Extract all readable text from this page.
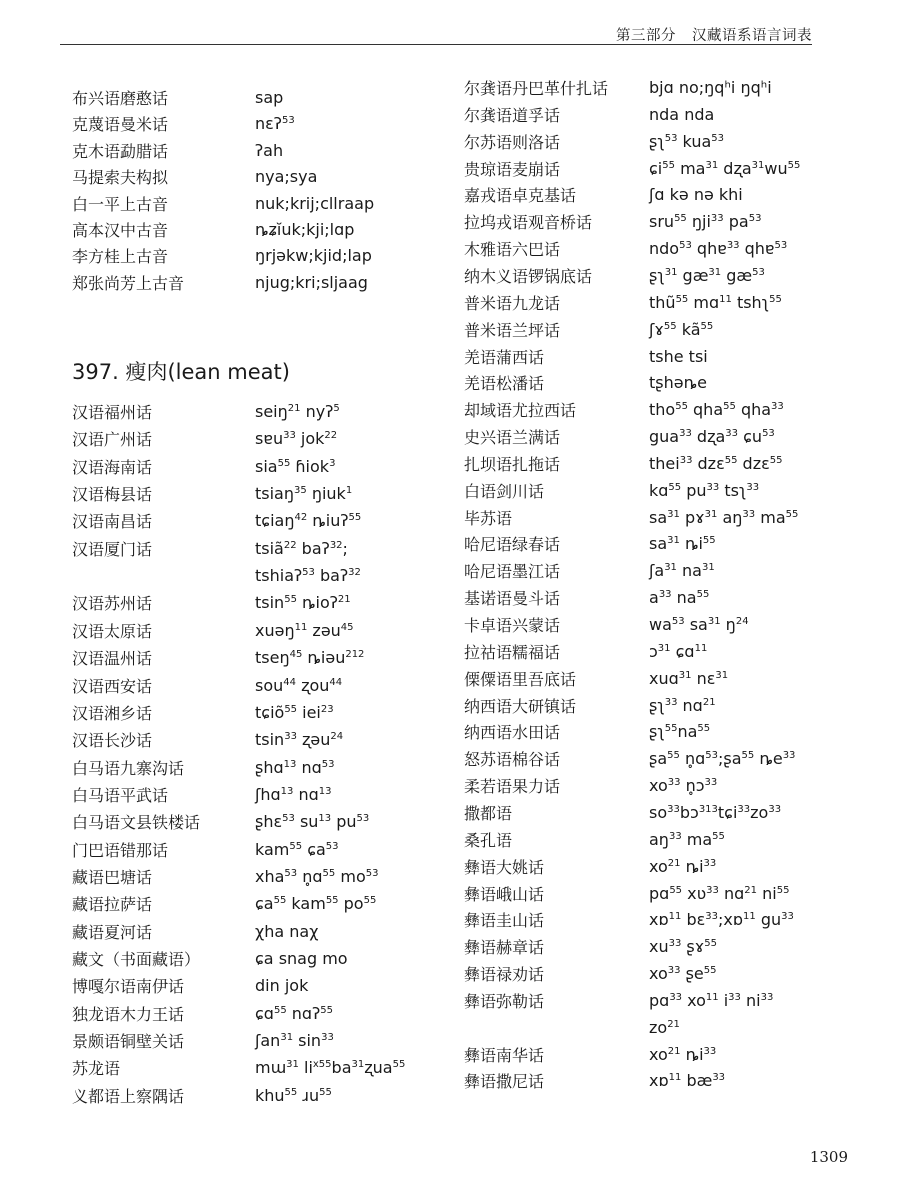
第三部分 汉藏语系语言词表
布兴语磨憨话	sap
克蔑语曼米话	nεʔ$^{53}$
克木语勐腊话	ʔah
马提索夫构拟	nya;sya
白一平上古音	nuk;krij;cllraap
高本汉中古音	ȵʑĭuk;kji;lɑp
李方桂上古音	ŋrjəkw;kjid;lap
郑张尚芳上古音	njug;kri;sljaag
汉语福州话	seiŋ$^{21}$ nyʔ$^5$
汉语广州话	sɐu$^{33}$ jok$^{22}$
汉语海南话	sia$^{55}$ ɦiok$^3$
汉语梅县话	tsiaŋ$^{35}$ ŋiuk$^1$
汉语南昌话	tɕiaŋ$^{42}$ ȵiuʔ$^{55}$
汉语厦门话	tsiã$^{22}$ baʔ$^{32}$;
tshiaʔ$^{53}$ baʔ$^{32}$
汉语苏州话	tsin$^{55}$ ȵioʔ$^{21}$
汉语太原话	xuəŋ$^{11}$ zəu$^{45}$
汉语温州话	tseŋ$^{45}$ ȵiəu$^{212}$
汉语西安话	sou$^{44}$ ʐou$^{44}$
汉语湘乡话	tɕiõ$^{55}$ iei$^{23}$
汉语长沙话	tsin$^{33}$ ʐəu$^{24}$
白马语九寨沟话	ʂhɑ$^{13}$ nɑ$^{53}$
白马语平武话	ʃhɑ$^{13}$ nɑ$^{13}$
白马语文县铁楼话	ʂhε$^{53}$ $su^{13}$ $pu^{53}$
门巴语错那话	kam$^{55}$ ɕa$^{53}$
藏语巴塘话	xha$^{53}$ n̥ɑ$^{55}$ $mo^{53}$
藏语拉萨话	ɕa$^{55}$ kam$^{55}$ $po^{55}$
藏语夏河话	χha naχ
藏文（书面藏语）	ɕa snag mo
博嘎尔语南伊话	din jok
独龙语木力王话	ɕɑ$^{55}$ nɑʔ$^{55}$
景颇语铜壁关话	ʃan$^{31}$ $\sin^{33}$
苏龙语	mɯ$^{31}$ $li^{x55}ba^{31}ʐua^{55}$
义都语上察隅话	khu$^{55}$ ɹu$^{55}$
尔龚语丹巴革什扎话	bjɑ no;ŋqʰi ŋqʰi
尔龚语道孚话	nda nda
尔苏语则洛话	ʂʅ$^{53}$ kua$^{53}$
贵琼语麦崩话	ɕi$^{55}$ $ma^{31}$ $dʐa^{31}wu^{55}$
嘉戎语卓克基话	ʃɑ kə nə khi
拉坞戎语观音桥话	sru$^{55}$ ŋji$^{33}$ $pa^{53}$
木雅语六巴话	ndo$^{53}$ qhɐ$^{33}$ qhɐ$^{53}$
纳木义语锣锅底话	ʂʅ$^{31}$ $gæ^{31}$ $gæ^{53}$
普米语九龙话	thũ$^{55}$ mɑ$^{11}$ tshʅ$^{55}$
普米语兰坪话	ʃɤ$^{55}$ $kã^{55}$
羌语蒲西话	tshe tsi
羌语松潘话	tʂhəȵe
却域语尤拉西话	tho$^{55}$ qha$^{55}$ qha$^{33}$
史兴语兰满话	gua$^{33}$ dʐa$^{33}$ ɕu$^{53}$
扎坝语扎拖话	thei$^{33}$ dzε$^{55}$ dzε$^{55}$
白语剑川话	kɑ$^{55}$ $pu^{33}$ tsʅ$^{33}$
毕苏语	$sa^{31}$ pɤ$^{31}$ $aŋ^{33}$ $ma^{55}$
哈尼语绿春话	$sa^{31}$ $ȵi^{55}$
哈尼语墨江话	ʃa$^{31}$ $na^{31}$
基诺语曼斗话	$a^{33}$ $na^{55}$
卡卓语兴蒙话	$wa^{53}$ $sa^{31}$ $ŋ^{24}$
拉祜语糯福话	ɔ$^{31}$ ɕɑ$^{11}$
傈僳语里吾底话	xuɑ$^{31}$ $n\varepsilon^{31}$
纳西语大研镇话	ʂʅ$^{33}$ nɑ$^{21}$
纳西语水田话	$ʂʅ^{55}na^{55}$
怒苏语棉谷话	ʂa$^{55}$ n̥ɑ$^{53}$;ʂa$^{55}$ $ȵe^{33}$
柔若语果力话	$xo^{33}$ n̥ɔ$^{33}$
撒都语	$so^{33}bɔ^{313}tɕi^{33}zo^{33}$
桑孔语	$aŋ^{33}$ $ma^{55}$
彝语大姚话	$xo^{21}$ $ȵi^{33}$
彝语峨山话	pɑ$^{55}$ xʋ$^{33}$ nɑ$^{21}$ $ni^{55}$
彝语圭山话	xɒ$^{11}$ $b\varepsilon^{33};xɒ^{11}$ $gu^{33}$
彝语赫章话	$xu^{33}$ ʂɤ$^{55}$
彝语禄劝话	$xo^{33}$ ʂe$^{55}$
彝语弥勒话	pɑ$^{33}$ $xo^{11}$ $i^{33}$ $ni^{33}$
$zo^{21}$
彝语南华话	$xo^{21}$ $ȵi^{33}$
彝语撒尼话	xɒ$^{11}$ $bæ^{33}$
397. 瘦肉(lean meat)
1309
